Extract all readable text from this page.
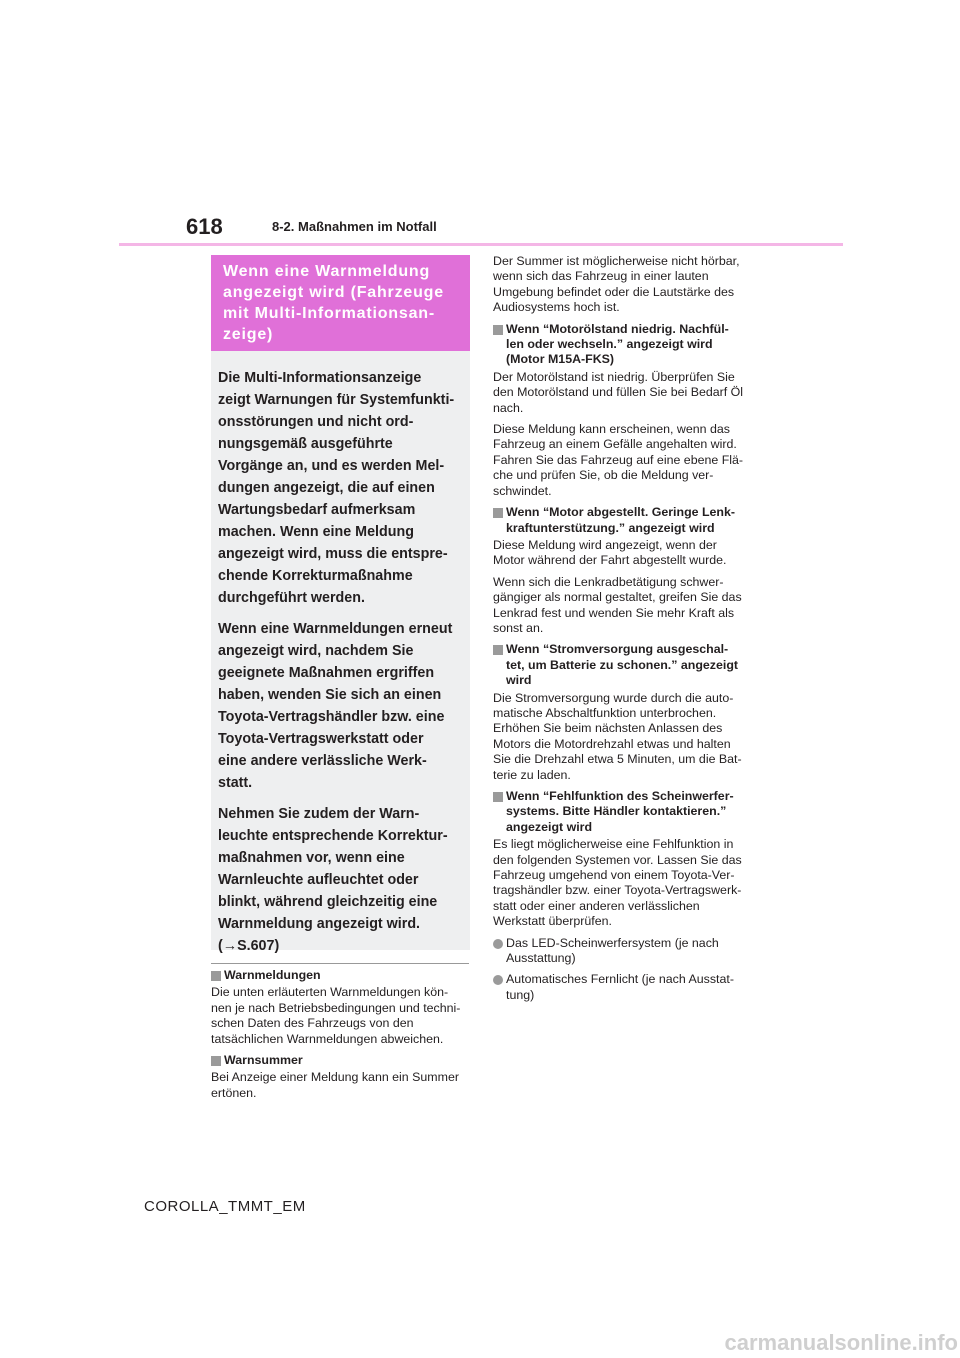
618	8-2. Maßnahmen im Notfall
Wenn eine Warnmeldung
angezeigt wird (Fahrzeuge
mit Multi-Informationsan-
zeige)

Die Multi-Informationsanzeige
zeigt Warnungen für Systemfunkti-
onsstörungen und nicht ord-
nungsgemäß ausgeführte
Vorgänge an, und es werden Mel-
dungen angezeigt, die auf einen
Wartungsbedarf aufmerksam
machen. Wenn eine Meldung
angezeigt wird, muss die entspre-
chende Korrekturmaßnahme
durchgeführt werden.

Wenn eine Warnmeldungen erneut
angezeigt wird, nachdem Sie
geeignete Maßnahmen ergriffen
haben, wenden Sie sich an einen
Toyota-Vertragshändler bzw. eine
Toyota-Vertragswerkstatt oder
eine andere verlässliche Werk-
statt.

Nehmen Sie zudem der Warn-
leuchte entsprechende Korrektur-
maßnahmen vor, wenn eine
Warnleuchte aufleuchtet oder
blinkt, während gleichzeitig eine
Warnmeldung angezeigt wird.
(→S.607)

Warnmeldungen

Die unten erläuterten Warnmeldungen kön-
nen je nach Betriebsbedingungen und techni-
schen Daten des Fahrzeugs von den
tatsächlichen Warnmeldungen abweichen.

Warnsummer

Bei Anzeige einer Meldung kann ein Summer
ertönen.

Der Summer ist möglicherweise nicht hörbar,
wenn sich das Fahrzeug in einer lauten
Umgebung befindet oder die Lautstärke des
Audiosystems hoch ist.

Wenn “Motorölstand niedrig. Nachfül-
len oder wechseln.” angezeigt wird
(Motor M15A-FKS)

Der Motorölstand ist niedrig. Überprüfen Sie
den Motorölstand und füllen Sie bei Bedarf Öl
nach.

Diese Meldung kann erscheinen, wenn das
Fahrzeug an einem Gefälle angehalten wird.
Fahren Sie das Fahrzeug auf eine ebene Flä-
che und prüfen Sie, ob die Meldung ver-
schwindet.

Wenn “Motor abgestellt. Geringe Lenk-
kraftunterstützung.” angezeigt wird

Diese Meldung wird angezeigt, wenn der
Motor während der Fahrt abgestellt wurde.

Wenn sich die Lenkradbetätigung schwer-
gängiger als normal gestaltet, greifen Sie das
Lenkrad fest und wenden Sie mehr Kraft als
sonst an.

Wenn “Stromversorgung ausgeschal-
tet, um Batterie zu schonen.” angezeigt
wird

Die Stromversorgung wurde durch die auto-
matische Abschaltfunktion unterbrochen.
Erhöhen Sie beim nächsten Anlassen des
Motors die Motordrehzahl etwas und halten
Sie die Drehzahl etwa 5 Minuten, um die Bat-
terie zu laden.

Wenn “Fehlfunktion des Scheinwerfer-
systems. Bitte Händler kontaktieren.”
angezeigt wird

Es liegt möglicherweise eine Fehlfunktion in
den folgenden Systemen vor. Lassen Sie das
Fahrzeug umgehend von einem Toyota-Ver-
tragshändler bzw. einer Toyota-Vertragswerk-
statt oder einer anderen verlässlichen
Werkstatt überprüfen.

Das LED-Scheinwerfersystem (je nach
Ausstattung)

Automatisches Fernlicht (je nach Ausstat-
tung)

COROLLA_TMMT_EM
carmanualsonline.info
